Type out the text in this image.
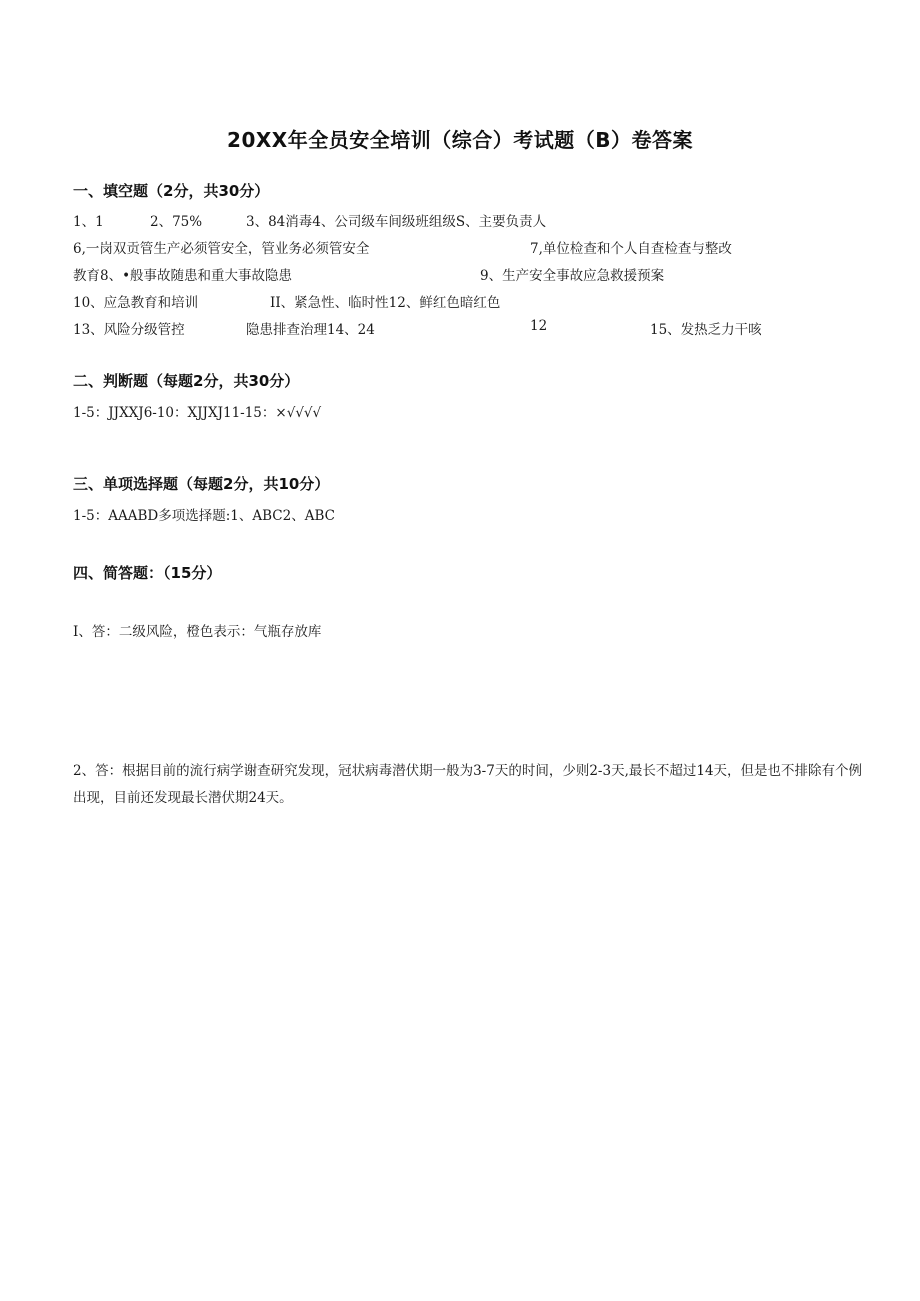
20XX年全员安全培训（综合）考试题（B）卷答案
一、填空题（2分，共30分）
1、1	2、75%	3、84消毒4、公司级车间级班组级S、主要负责人
6,一岗双贡管生产必须管安全，管业务必须管安全	7,单位检查和个人自查检查与整改
教育8、•般事故随患和重大事故隐患	9、生产安全事故应急救援预案
10、应急教育和培训	II、紧急性、临时性12、鲜红色暗红色
13、风险分级管控	隐患排查治理14、24	12	15、发热乏力干咳
二、判断题（每题2分，共30分）
1-5：JJXXJ6-10：XJJXJ11-15：×√√√√
三、单项选择题（每题2分，共10分）
1-5：AAABD多项选择题:1、ABC2、ABC
四、简答题：（15分）
I、答：二级风险，橙色表示：气瓶存放库
2、答：根据目前的流行病学谢查研究发现，冠状病毒潜伏期一般为3-7天的时间，少则2-3天,最长不超过14天，但是也不排除有个例出现，目前还发现最长潜伏期24天。
